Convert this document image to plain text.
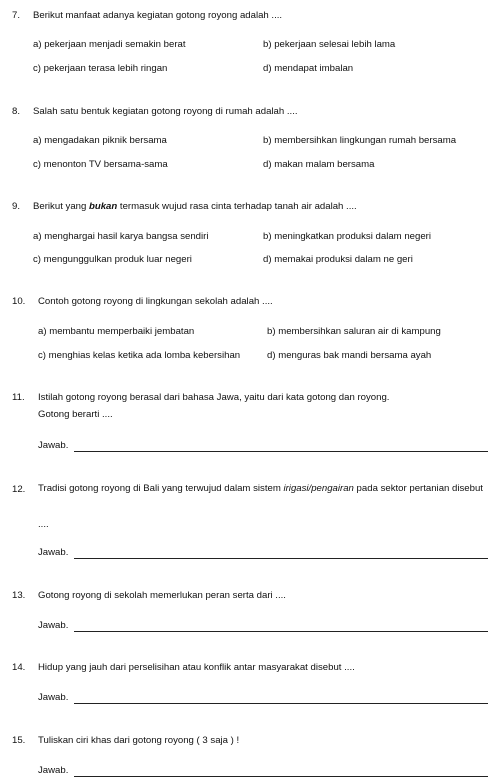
7. Berikut manfaat adanya kegiatan gotong royong adalah ....
a) pekerjaan menjadi semakin berat	b) pekerjaan selesai lebih lama
c) pekerjaan terasa lebih ringan	d) mendapat imbalan
8. Salah satu bentuk kegiatan gotong royong di rumah adalah ....
a) mengadakan piknik bersama	b) membersihkan lingkungan rumah bersama
c) menonton TV bersama-sama	d) makan malam bersama
9. Berikut yang bukan termasuk wujud rasa cinta terhadap tanah air adalah ....
a) menghargai hasil karya bangsa sendiri	b) meningkatkan produksi dalam negeri
c) mengunggulkan produk luar negeri	d) memakai produksi dalam ne geri
10. Contoh gotong royong di lingkungan sekolah adalah ....
a) membantu memperbaiki jembatan	b) membersihkan saluran air di kampung
c) menghias kelas ketika ada lomba kebersihan	d) menguras bak mandi bersama ayah
11. Istilah gotong royong berasal dari bahasa Jawa, yaitu dari kata gotong dan royong.
Gotong berarti ....
Jawab.
12. Tradisi gotong royong di Bali yang terwujud dalam sistem irigasi/pengairan pada sektor pertanian disebut
....
Jawab.
13. Gotong royong di sekolah memerlukan peran serta dari ....
Jawab.
14. Hidup yang jauh dari perselisihan atau konflik antar masyarakat disebut ....
Jawab.
15. Tuliskan ciri khas dari gotong royong ( 3 saja ) !
Jawab.
